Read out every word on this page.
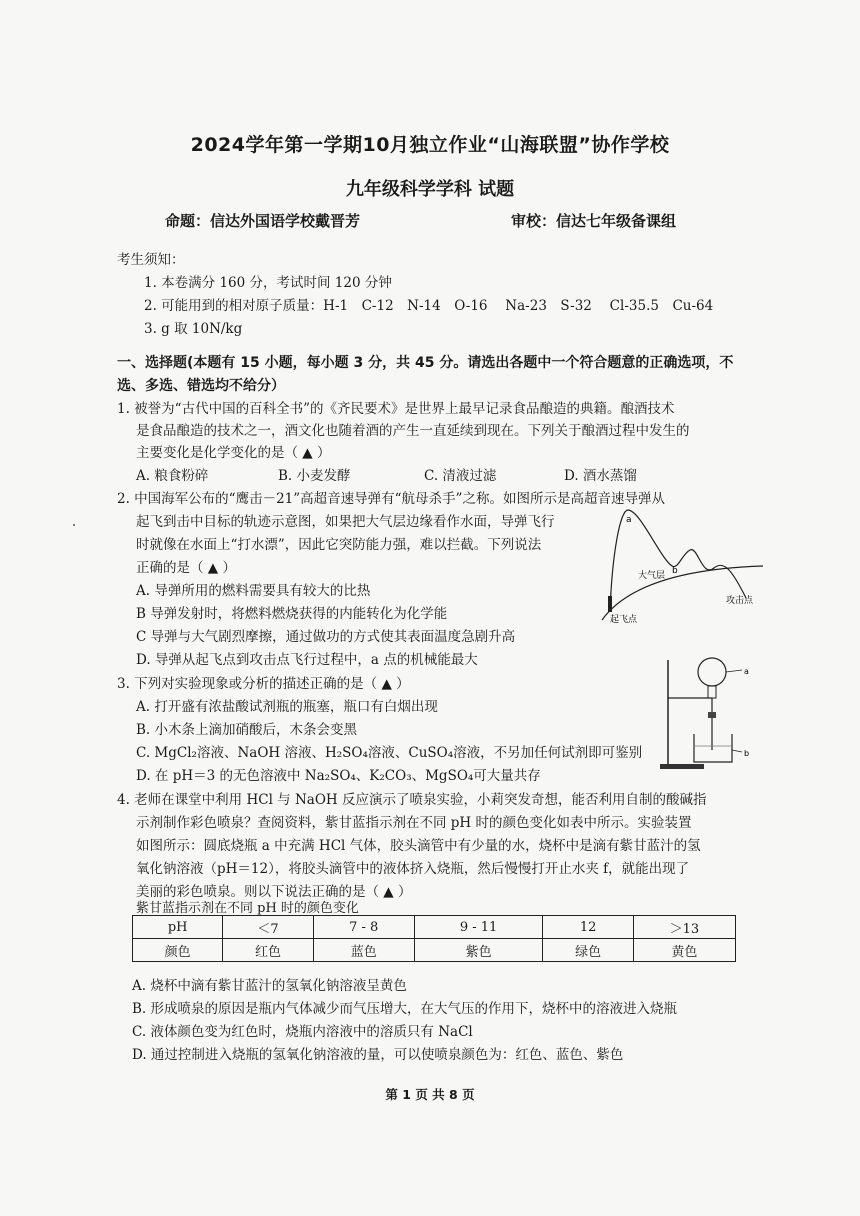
2024学年第一学期10月独立作业“山海联盟”协作学校
九年级科学学科 试题
命题：信达外国语学校戴晋芳	审校：信达七年级备课组
考生须知：
1. 本卷满分 160 分，考试时间 120 分钟
2. 可能用到的相对原子质量：H-1　C-12　N-14　O-16　 Na-23　S-32　 Cl-35.5　Cu-64
3. g 取 10N/kg
一、选择题(本题有 15 小题，每小题 3 分，共 45 分。请选出各题中一个符合题意的正确选项，不
选、多选、错选均不给分）
1. 被誉为“古代中国的百科全书”的《齐民要术》是世界上最早记录食品酿造的典籍。酿酒技术
是食品酿造的技术之一，酒文化也随着酒的产生一直延续到现在。下列关于酿酒过程中发生的
主要变化是化学变化的是（ ▲ ）
A. 粮食粉碎	B. 小麦发酵	C. 清液过滤	D. 酒水蒸馏
2. 中国海军公布的“鹰击－21”高超音速导弹有“航母杀手”之称。如图所示是高超音速导弹从
起飞到击中目标的轨迹示意图，如果把大气层边缘看作水面，导弹飞行
时就像在水面上“打水漂”，因此它突防能力强，难以拦截。下列说法
正确的是（ ▲ ）
A. 导弹所用的燃料需要具有较大的比热
B 导弹发射时，将燃料燃烧获得的内能转化为化学能
C 导弹与大气剧烈摩擦，通过做功的方式使其表面温度急剧升高
D. 导弹从起飞点到攻击点飞行过程中，a 点的机械能最大
a
b
大气层
起飞点
攻击点
3. 下列对实验现象或分析的描述正确的是（ ▲ ）
A. 打开盛有浓盐酸试剂瓶的瓶塞，瓶口有白烟出现
B. 小木条上滴加硝酸后，木条会变黑
C. MgCl₂溶液、NaOH 溶液、H₂SO₄溶液、CuSO₄溶液，不另加任何试剂即可鉴别
D. 在 pH＝3 的无色溶液中 Na₂SO₄、K₂CO₃、MgSO₄可大量共存
a
b
4. 老师在课堂中利用 HCl 与 NaOH 反应演示了喷泉实验，小莉突发奇想，能否利用自制的酸碱指
示剂制作彩色喷泉？查阅资料，紫甘蓝指示剂在不同 pH 时的颜色变化如表中所示。实验装置
如图所示：圆底烧瓶 a 中充满 HCl 气体，胶头滴管中有少量的水，烧杯中是滴有紫甘蓝汁的氢
氧化钠溶液（pH＝12），将胶头滴管中的液体挤入烧瓶，然后慢慢打开止水夹 f，就能出现了
美丽的彩色喷泉。则以下说法正确的是（ ▲ ）
紫甘蓝指示剂在不同 pH 时的颜色变化
pH	＜7	7 - 8	9 - 11	12	＞13
颜色	红色	蓝色	紫色	绿色	黄色
A. 烧杯中滴有紫甘蓝汁的氢氧化钠溶液呈黄色
B. 形成喷泉的原因是瓶内气体减少而气压增大，在大气压的作用下，烧杯中的溶液进入烧瓶
C. 液体颜色变为红色时，烧瓶内溶液中的溶质只有 NaCl
D. 通过控制进入烧瓶的氢氧化钠溶液的量，可以使喷泉颜色为：红色、蓝色、紫色
第 1 页 共 8 页
